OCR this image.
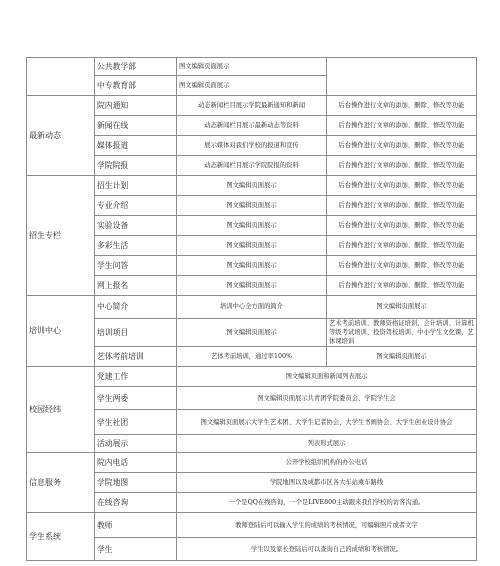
	公共教学部	图文编辑页面展示	
	中专教育部	图文编辑页面展示	
最新动态	院内通知	动态新闻栏目展示学院最新通知和新闻	后台操作进行文章的添加、删除、修改等功能
	新闻在线	动态新闻栏目展示最新动态等资料	后台操作进行文章的添加、删除、修改等功能
	媒体报道	展示媒体对我们学校的报道和宣传	后台操作进行文章的添加、删除、修改等功能
	学院院报	动态新闻栏目展示学院院报的资料	后台操作进行文章的添加、删除、修改等功能
招生专栏	招生计划	图文编辑页面展示	后台操作进行文章的添加、删除、修改等功能
	专业介绍	图文编辑页面展示	后台操作进行文章的添加、删除、修改等功能
	实验设备	图文编辑页面展示	后台操作进行文章的添加、删除、修改等功能
	多彩生活	图文编辑页面展示	后台操作进行文章的添加、删除、修改等功能
	学生问答	图文编辑页面展示	后台操作进行文章的添加、删除、修改等功能
	网上报名	图文编辑页面展示	后台操作进行文章的添加、删除、修改等功能
培训中心	中心简介	培训中心全方面的简介	图文编辑页面展示
	培训项目	图文编辑页面展示	艺术考前培训、教师资格证培训、会计培训、计算机等级考试培训、投资驾校培训、中小学生文化课、艺体课培训
	艺体考前培训	艺体考前培训，通过率100%	图文编辑页面展示
校园经纬	党建工作	图文编辑页面和新闻列表展示	
	学生两委	图文编辑页面展示共青团学院委员会、学院学生会	
	学生社团	图文编辑页面展示大学生艺术团、大学生记者协会、大学生书画协会、大学生创业设计协会	
	活动展示	列表形式展示	
信息服务	院内电话	公开学校组织机构的办公电话	
	学院地图	学院地图以及成都市区各大车站乘车路线	
	在线咨询	一个是QQ在线咨询，一个是LIVE800主动跟来我们学校的访客沟通。	
学生系统	教师	教师登陆后可以输入学生的成绩的考核情况，可编辑照片或者文字	
	学生	学生以及家长登陆后可以查询自己的成绩和考核情况。	
